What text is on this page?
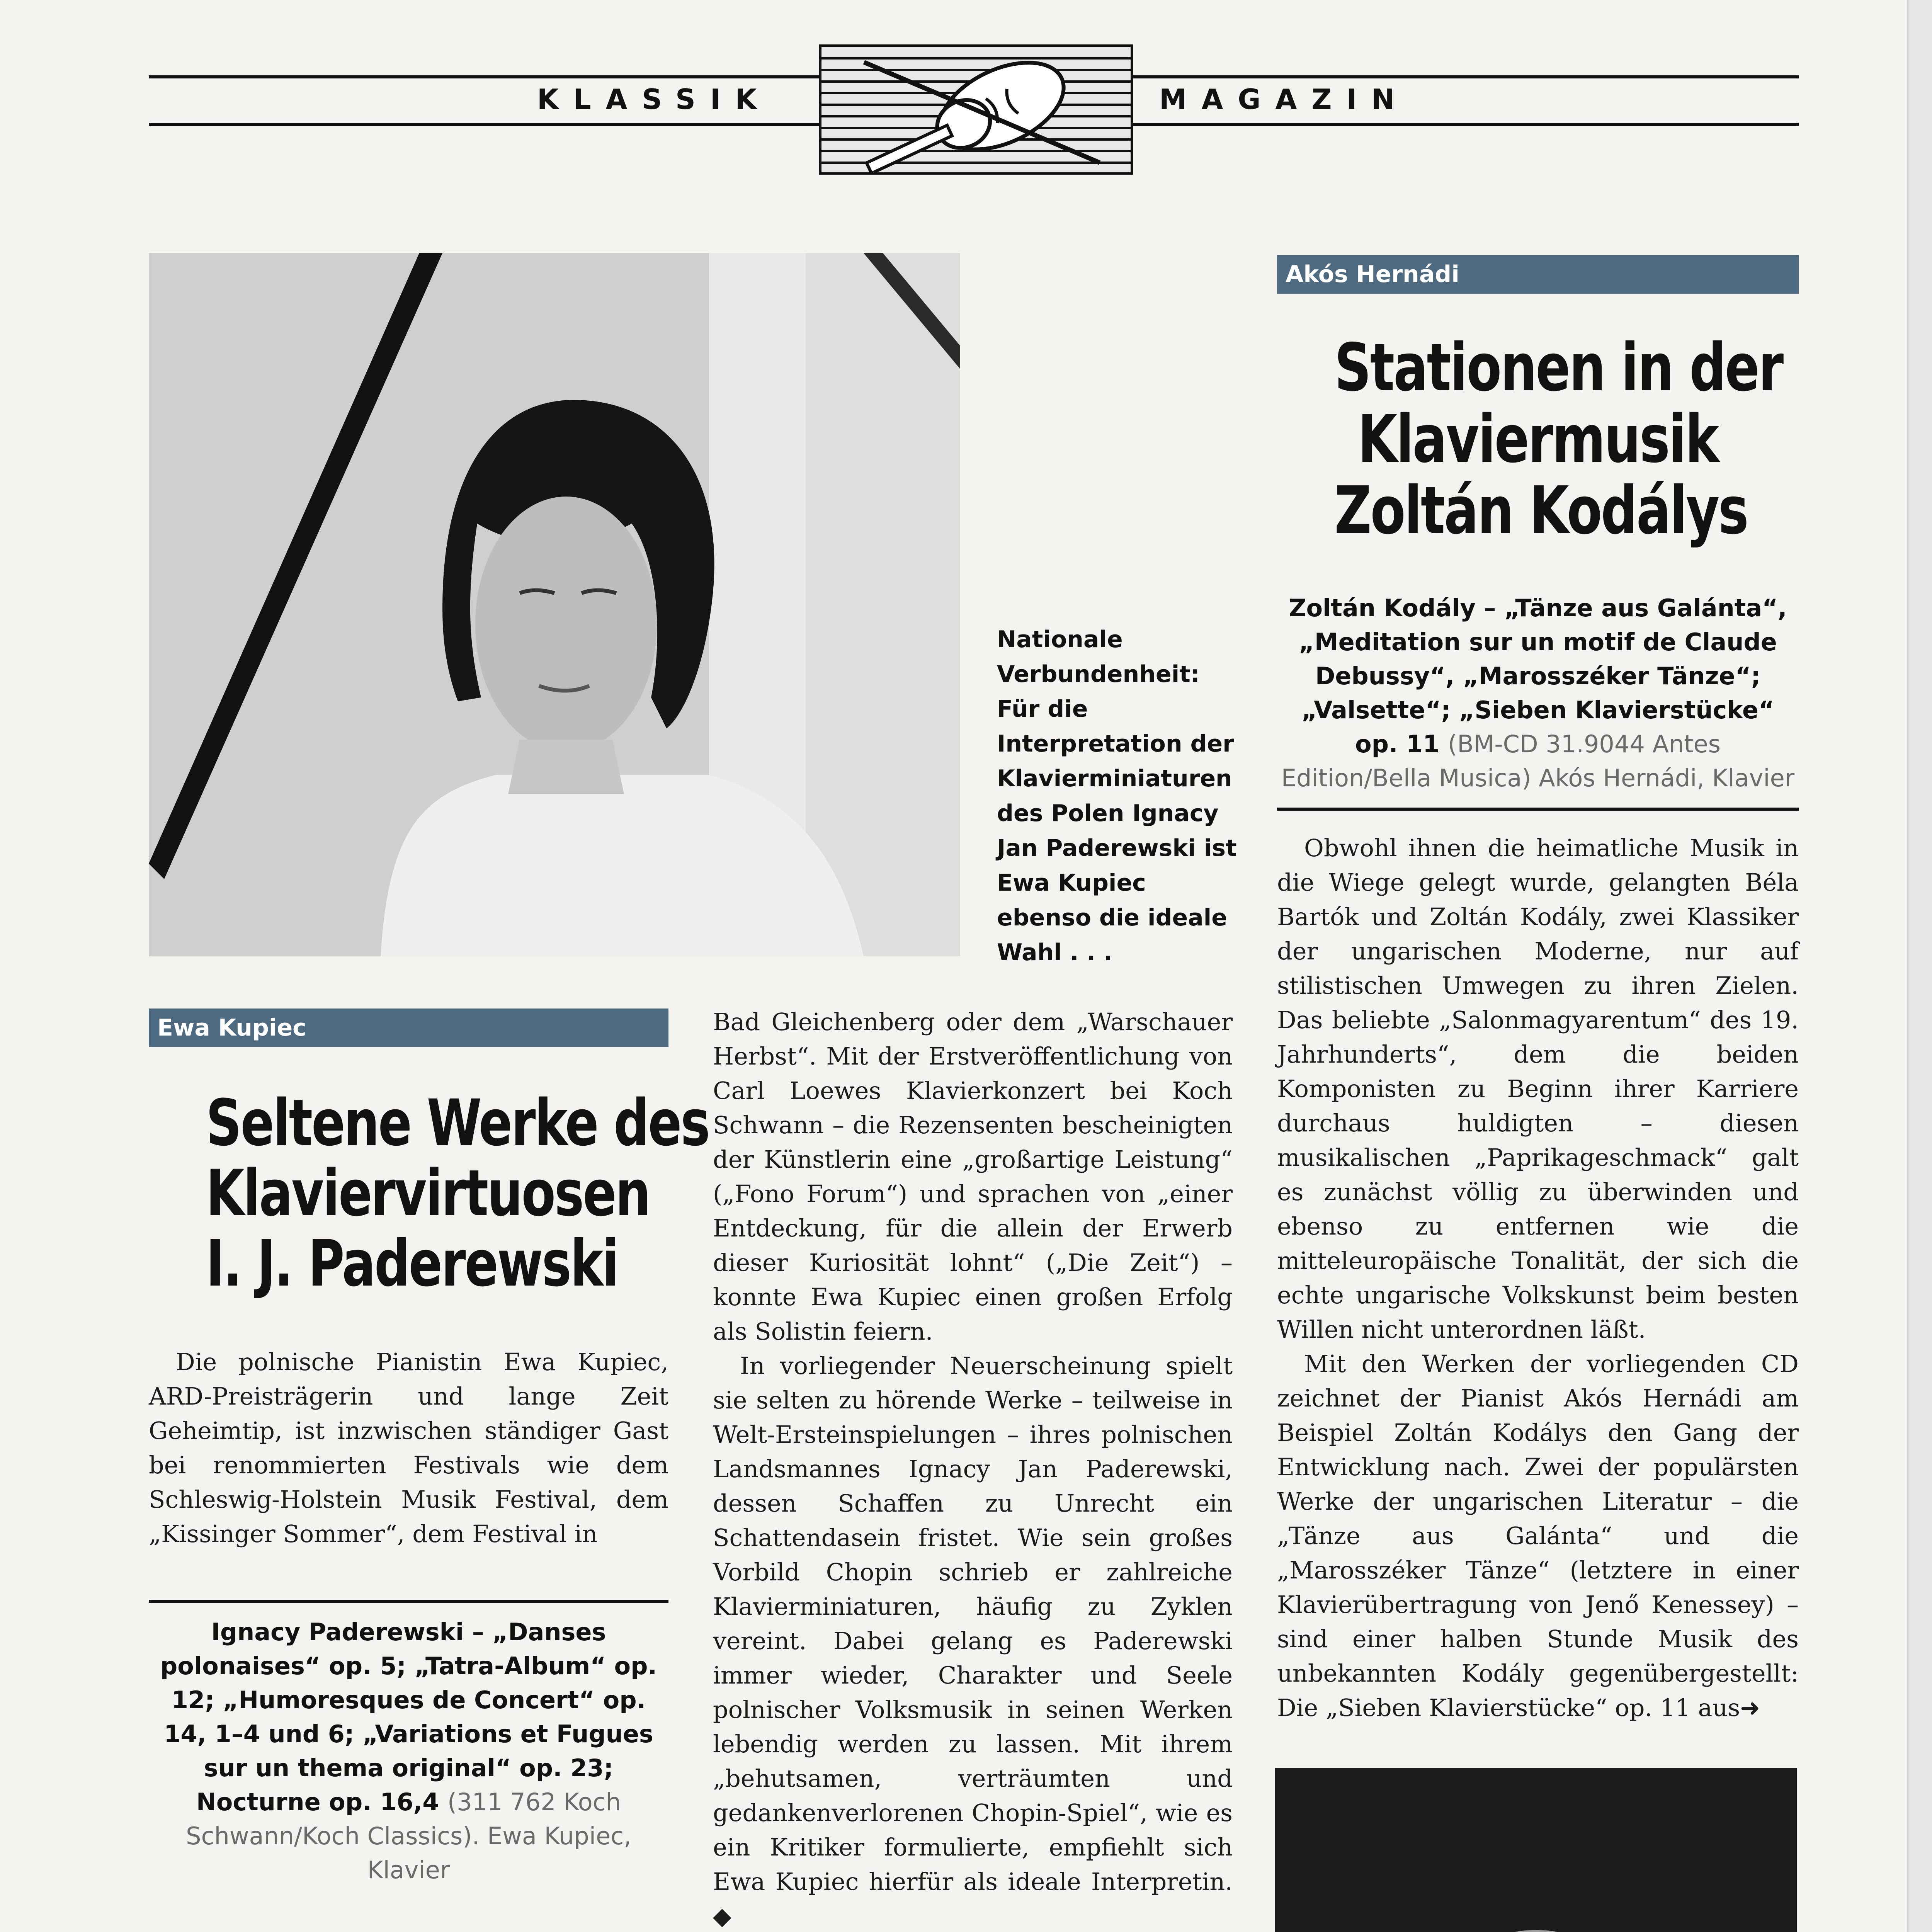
KLASSIK	MAGAZIN
Nationale Verbundenheit: Für die Interpretation der Klavierminiaturen des Polen Ignacy Jan Paderewski ist Ewa Kupiec ebenso die ideale Wahl . . .
Akós Hernádi
Stationen in der
Klaviermusik
Zoltán Kodálys
Zoltán Kodály – „Tänze aus Galánta“, „Meditation sur un motif de Claude Debussy“, „Marosszéker Tänze“; „Valsette“; „Sieben Klavierstücke“ op. 11 (BM-CD 31.9044 Antes Edition/Bella Musica) Akós Hernádi, Klavier

Obwohl ihnen die heimatliche Musik in die Wiege gelegt wurde, gelangten Béla Bartók und Zoltán Kodály, zwei Klassiker der ungarischen Moderne, nur auf stilistischen Umwegen zu ihren Zielen. Das beliebte „Salonmagyarentum“ des 19. Jahrhunderts“, dem die beiden Komponisten zu Beginn ihrer Karriere durchaus huldigten – diesen musikalischen „Paprikageschmack“ galt es zunächst völlig zu überwinden und ebenso zu entfernen wie die mitteleuropäische Tonalität, der sich die echte ungarische Volkskunst beim besten Willen nicht unterordnen läßt.

Mit den Werken der vorliegenden CD zeichnet der Pianist Akós Hernádi am Beispiel Zoltán Kodálys den Gang der Entwicklung nach. Zwei der populärsten Werke der ungarischen Literatur – die „Tänze aus Galánta“ und die „Marosszéker Tänze“ (letztere in einer Klavierübertragung von Jenő Kenessey) – sind einer halben Stunde Musik des unbekannten Kodály gegenübergestellt: Die „Sieben Klavierstücke“ op. 11 aus➜

Ewa Kupiec
Seltene Werke des
Klaviervirtuosen
I. J. Paderewski

Die polnische Pianistin Ewa Kupiec, ARD-Preisträgerin und lange Zeit Geheimtip, ist inzwischen ständiger Gast bei renommierten Festivals wie dem Schleswig-Holstein Musik Festival, dem „Kissinger Sommer“, dem Festival in

Ignacy Paderewski – „Danses polonaises“ op. 5; „Tatra-Album“ op. 12; „Humoresques de Concert“ op. 14, 1–4 und 6; „Variations et Fugues sur un thema original“ op. 23; Nocturne op. 16,4 (311 762 Koch Schwann/Koch Classics). Ewa Kupiec, Klavier

Bad Gleichenberg oder dem „Warschauer Herbst“. Mit der Erstveröffentlichung von Carl Loewes Klavierkonzert bei Koch Schwann – die Rezensenten bescheinigten der Künstlerin eine „großartige Leistung“ („Fono Forum“) und sprachen von „einer Entdeckung, für die allein der Erwerb dieser Kuriosität lohnt“ („Die Zeit“) – konnte Ewa Kupiec einen großen Erfolg als Solistin feiern.

In vorliegender Neuerscheinung spielt sie selten zu hörende Werke – teilweise in Welt-Ersteinspielungen – ihres polnischen Landsmannes Ignacy Jan Paderewski, dessen Schaffen zu Unrecht ein Schattendasein fristet. Wie sein großes Vorbild Chopin schrieb er zahlreiche Klavierminiaturen, häufig zu Zyklen vereint. Dabei gelang es Paderewski immer wieder, Charakter und Seele polnischer Volksmusik in seinen Werken lebendig werden zu lassen. Mit ihrem „behutsamen, verträumten und gedankenverlorenen Chopin-Spiel“, wie es ein Kritiker formulierte, empfiehlt sich Ewa Kupiec hierfür als ideale Interpretin. ◆
